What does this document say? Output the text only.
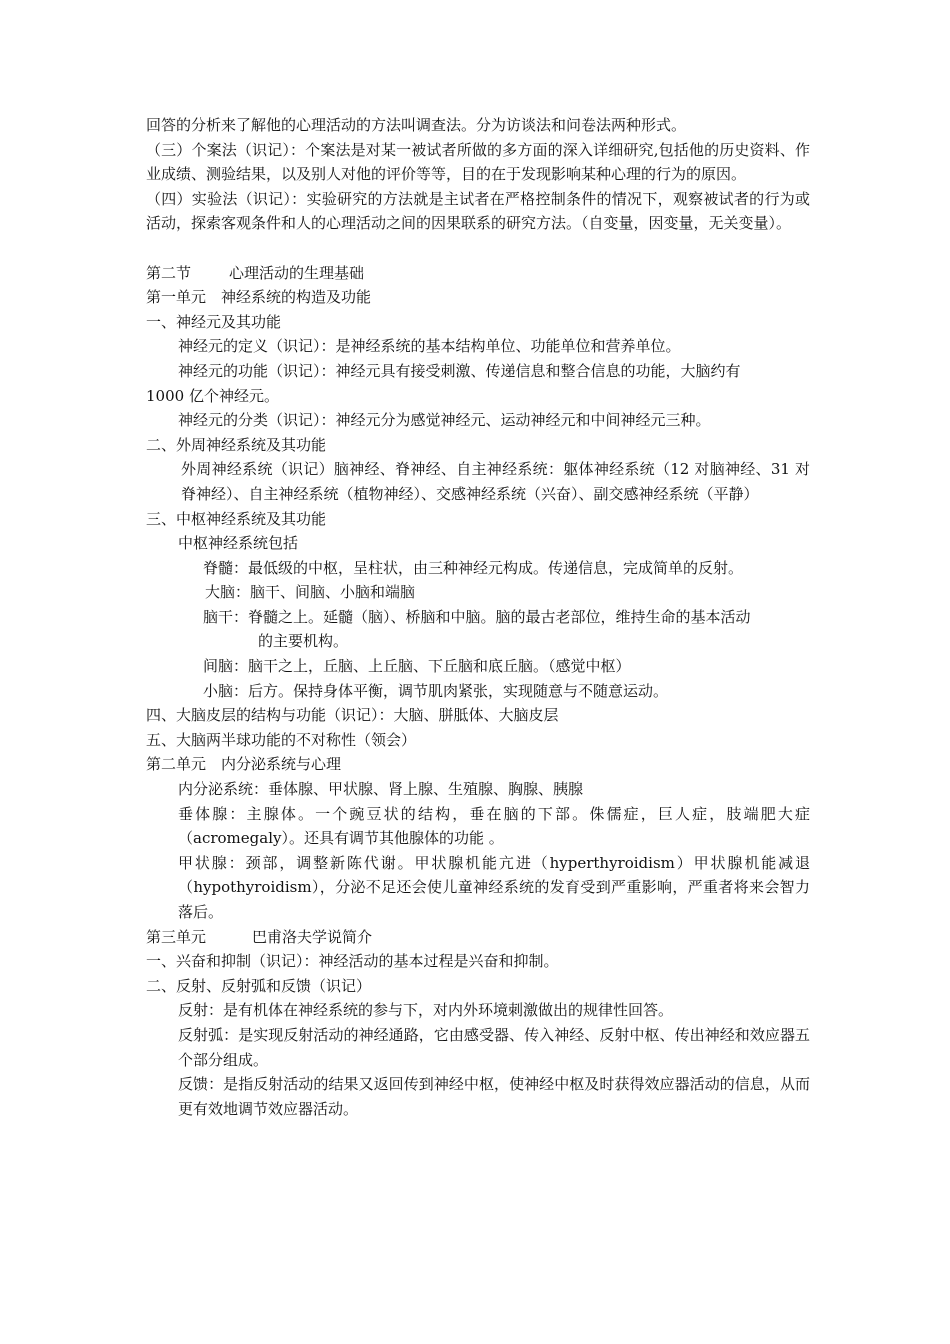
回答的分析来了解他的心理活动的方法叫调查法。分为访谈法和问卷法两种形式。

（三）个案法（识记）：个案法是对某一被试者所做的多方面的深入详细研究,包括他的历史资料、作业成绩、测验结果，以及别人对他的评价等等，目的在于发现影响某种心理的行为的原因。

（四）实验法（识记）：实验研究的方法就是主试者在严格控制条件的情况下，观察被试者的行为或活动，探索客观条件和人的心理活动之间的因果联系的研究方法。（自变量，因变量，无关变量）。

第二节	心理活动的生理基础

第一单元　神经系统的构造及功能

一、神经元及其功能

神经元的定义（识记）：是神经系统的基本结构单位、功能单位和营养单位。

神经元的功能（识记）：神经元具有接受刺激、传递信息和整合信息的功能，大脑约有

1000 亿个神经元。

神经元的分类（识记）：神经元分为感觉神经元、运动神经元和中间神经元三种。

二、外周神经系统及其功能

外周神经系统（识记）脑神经、脊神经、自主神经系统：躯体神经系统（12 对脑神经、31 对脊神经）、自主神经系统（植物神经）、交感神经系统（兴奋）、副交感神经系统（平静）

三、中枢神经系统及其功能

中枢神经系统包括

脊髓：最低级的中枢，呈柱状，由三种神经元构成。传递信息，完成简单的反射。

大脑：脑干、间脑、小脑和端脑

脑干：脊髓之上。延髓（脑）、桥脑和中脑。脑的最古老部位，维持生命的基本活动

的主要机构。

间脑：脑干之上，丘脑、上丘脑、下丘脑和底丘脑。（感觉中枢）

小脑：后方。保持身体平衡，调节肌肉紧张，实现随意与不随意运动。

四、大脑皮层的结构与功能（识记）：大脑、胼胝体、大脑皮层

五、大脑两半球功能的不对称性（领会）

第二单元　内分泌系统与心理

内分泌系统：垂体腺、甲状腺、肾上腺、生殖腺、胸腺、胰腺

垂体腺：主腺体。一个豌豆状的结构，垂在脑的下部。侏儒症，巨人症，肢端肥大症（acromegaly）。还具有调节其他腺体的功能 。

甲状腺：颈部，调整新陈代谢。甲状腺机能亢进（hyperthyroidism）甲状腺机能减退（hypothyroidism），分泌不足还会使儿童神经系统的发育受到严重影响，严重者将来会智力落后。

第三单元	巴甫洛夫学说简介

一、兴奋和抑制（识记）：神经活动的基本过程是兴奋和抑制。

二、反射、反射弧和反馈（识记）

反射：是有机体在神经系统的参与下，对内外环境刺激做出的规律性回答。

反射弧：是实现反射活动的神经通路，它由感受器、传入神经、反射中枢、传出神经和效应器五个部分组成。

反馈：是指反射活动的结果又返回传到神经中枢，使神经中枢及时获得效应器活动的信息，从而更有效地调节效应器活动。
